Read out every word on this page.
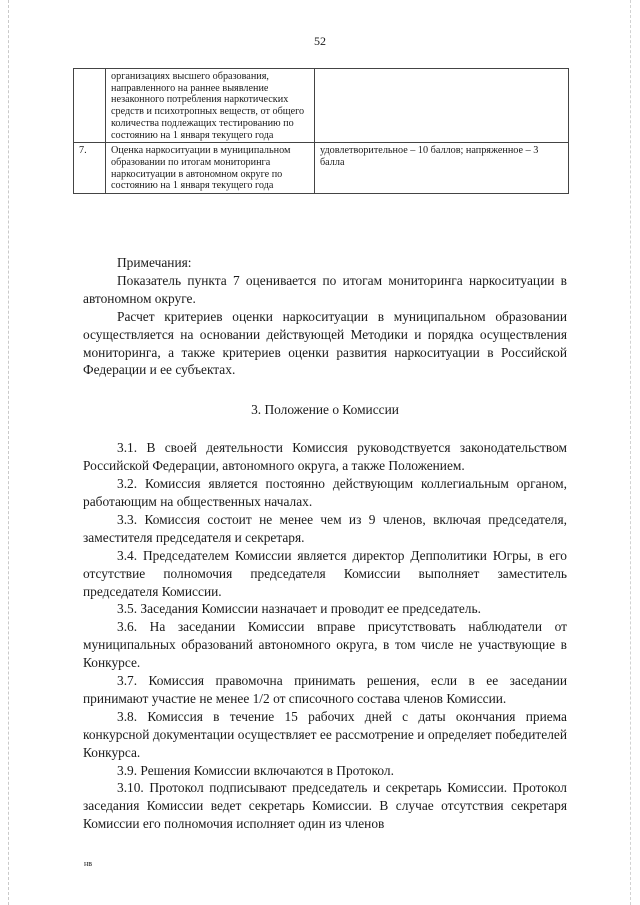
52
	организациях высшего образования, направленного на раннее выявление незаконного потребления наркотических средств и психотропных веществ, от общего количества подлежащих тестированию по состоянию на 1 января текущего года	
7.	Оценка наркоситуации в муниципальном образовании по итогам мониторинга наркоситуации в автономном округе по состоянию на 1 января текущего года	удовлетворительное – 10 баллов; напряженное – 3 балла

Примечания:

Показатель пункта 7 оценивается по итогам мониторинга наркоситуации в автономном округе.

Расчет критериев оценки наркоситуации в муниципальном образовании осуществляется на основании действующей Методики и порядка осуществления мониторинга, а также критериев оценки развития наркоситуации в Российской Федерации и ее субъектах.

3. Положение о Комиссии

3.1. В своей деятельности Комиссия руководствуется законодательством Российской Федерации, автономного округа, а также Положением.

3.2. Комиссия является постоянно действующим коллегиальным органом, работающим на общественных началах.

3.3. Комиссия состоит не менее чем из 9 членов, включая председателя, заместителя председателя и секретаря.

3.4. Председателем Комиссии является директор Депполитики Югры, в его отсутствие полномочия председателя Комиссии выполняет заместитель председателя Комиссии.

3.5. Заседания Комиссии назначает и проводит ее председатель.

3.6. На заседании Комиссии вправе присутствовать наблюдатели от муниципальных образований автономного округа, в том числе не участвующие в Конкурсе.

3.7. Комиссия правомочна принимать решения, если в ее заседании принимают участие не менее 1/2 от списочного состава членов Комиссии.

3.8. Комиссия в течение 15 рабочих дней с даты окончания приема конкурсной документации осуществляет ее рассмотрение и определяет победителей Конкурса.

3.9. Решения Комиссии включаются в Протокол.

3.10. Протокол подписывают председатель и секретарь Комиссии. Протокол заседания Комиссии ведет секретарь Комиссии. В случае отсутствия секретаря Комиссии его полномочия исполняет один из членов

нв
